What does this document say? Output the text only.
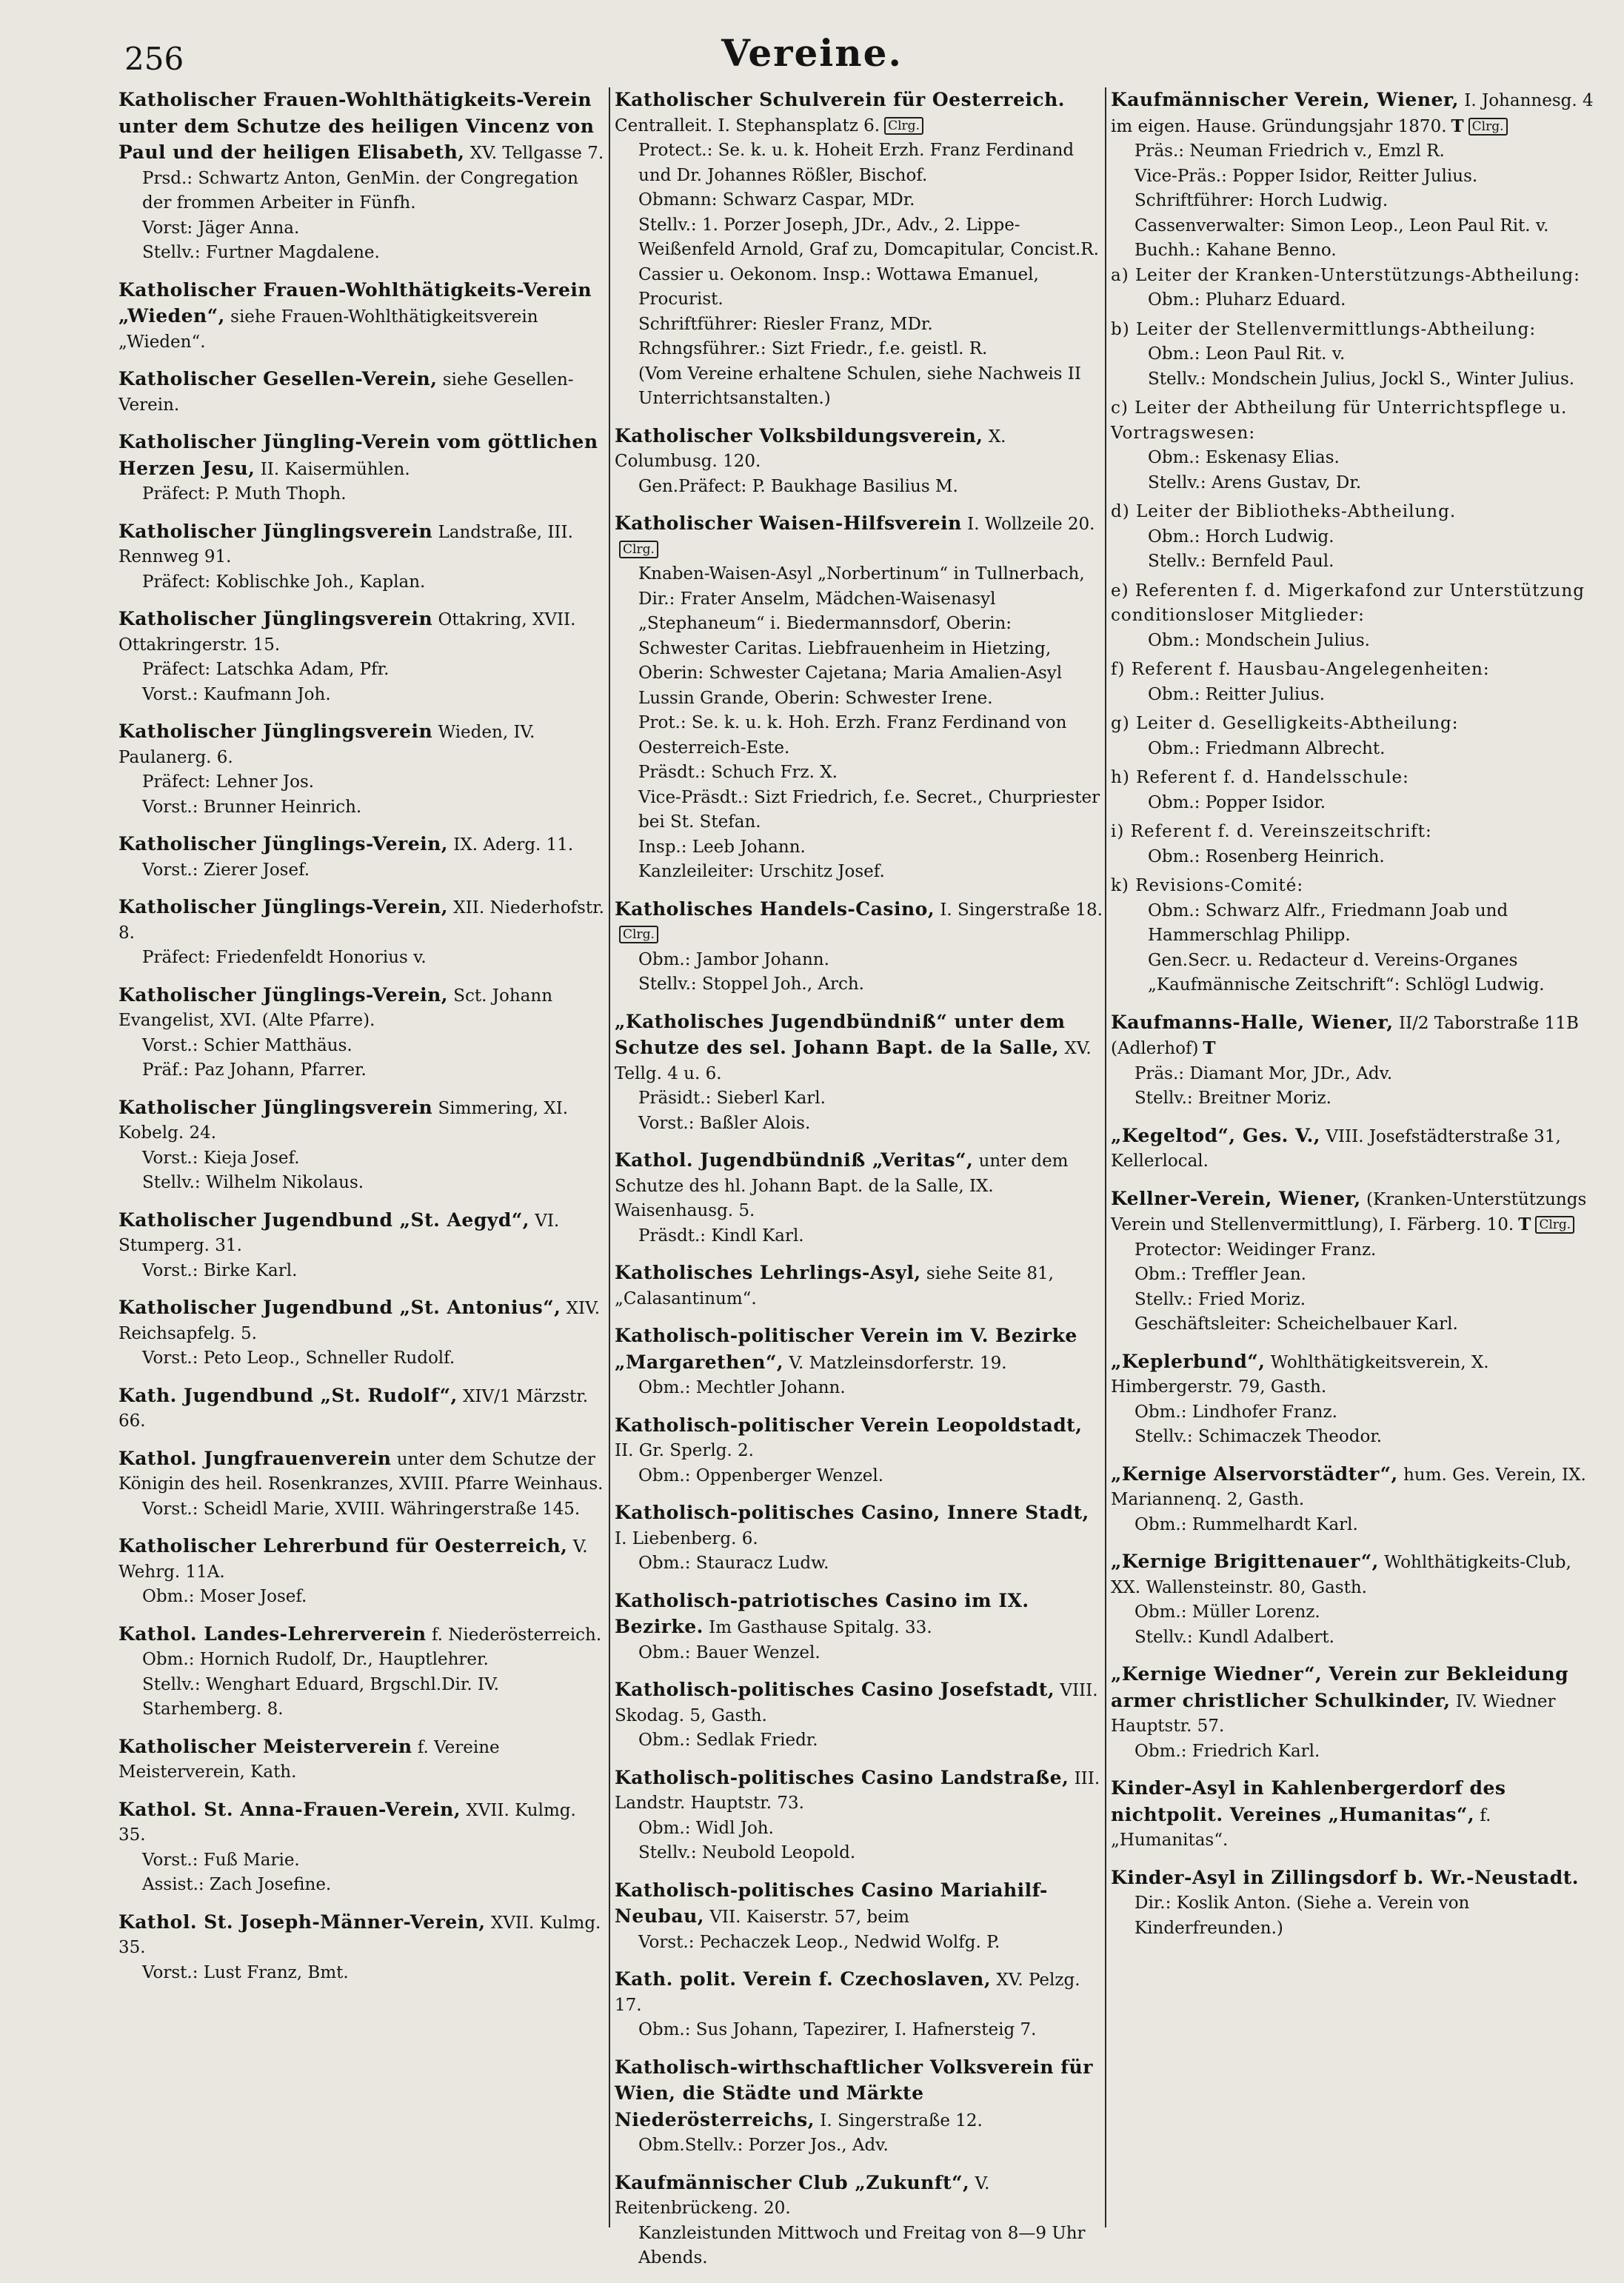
256	Vereine.
Katholischer Frauen-Wohlthätigkeits-Verein unter dem Schutze des heiligen Vincenz von Paul und der heiligen Elisabeth, XV. Tellgasse 7.
Prsd.: Schwartz Anton, GenMin. der Congregation der frommen Arbeiter in Fünfh.
Vorst: Jäger Anna.
Stellv.: Furtner Magdalene.
Katholischer Frauen-Wohlthätigkeits-Verein „Wieden“, siehe Frauen-Wohlthätigkeitsverein „Wieden“.
Katholischer Gesellen-Verein, siehe Gesellen-Verein.
Katholischer Jüngling-Verein vom göttlichen Herzen Jesu, II. Kaisermühlen.
Präfect: P. Muth Thoph.
Katholischer Jünglingsverein Landstraße, III. Rennweg 91.
Präfect: Koblischke Joh., Kaplan.
Katholischer Jünglingsverein Ottakring, XVII. Ottakringerstr. 15.
Präfect: Latschka Adam, Pfr.
Vorst.: Kaufmann Joh.
Katholischer Jünglingsverein Wieden, IV. Paulanerg. 6.
Präfect: Lehner Jos.
Vorst.: Brunner Heinrich.
Katholischer Jünglings-Verein, IX. Aderg. 11.
Vorst.: Zierer Josef.
Katholischer Jünglings-Verein, XII. Niederhofstr. 8.
Präfect: Friedenfeldt Honorius v.
Katholischer Jünglings-Verein, Sct. Johann Evangelist, XVI. (Alte Pfarre).
Vorst.: Schier Matthäus.
Präf.: Paz Johann, Pfarrer.
Katholischer Jünglingsverein Simmering, XI. Kobelg. 24.
Vorst.: Kieja Josef.
Stellv.: Wilhelm Nikolaus.
Katholischer Jugendbund „St. Aegyd“, VI. Stumperg. 31.
Vorst.: Birke Karl.
Katholischer Jugendbund „St. Antonius“, XIV. Reichsapfelg. 5.
Vorst.: Peto Leop., Schneller Rudolf.
Kath. Jugendbund „St. Rudolf“, XIV/1 Märzstr. 66.
Kathol. Jungfrauenverein unter dem Schutze der Königin des heil. Rosenkranzes, XVIII. Pfarre Weinhaus.
Vorst.: Scheidl Marie, XVIII. Währingerstraße 145.
Katholischer Lehrerbund für Oesterreich, V. Wehrg. 11A.
Obm.: Moser Josef.
Kathol. Landes-Lehrerverein f. Niederösterreich.
Obm.: Hornich Rudolf, Dr., Hauptlehrer.
Stellv.: Wenghart Eduard, Brgschl.Dir. IV. Starhemberg. 8.
Katholischer Meisterverein f. Vereine Meisterverein, Kath.
Kathol. St. Anna-Frauen-Verein, XVII. Kulmg. 35.
Vorst.: Fuß Marie.
Assist.: Zach Josefine.
Kathol. St. Joseph-Männer-Verein, XVII. Kulmg. 35.
Vorst.: Lust Franz, Bmt.
Katholischer Schulverein für Oesterreich. Centralleit. I. Stephansplatz 6. Clrg.
Protect.: Se. k. u. k. Hoheit Erzh. Franz Ferdinand und Dr. Johannes Rößler, Bischof.
Obmann: Schwarz Caspar, MDr.
Stellv.: 1. Porzer Joseph, JDr., Adv., 2. Lippe-Weißenfeld Arnold, Graf zu, Domcapitular, Concist.R.
Cassier u. Oekonom. Insp.: Wottawa Emanuel, Procurist.
Schriftführer: Riesler Franz, MDr.
Rchngsführer.: Sizt Friedr., f.e. geistl. R.
(Vom Vereine erhaltene Schulen, siehe Nachweis II Unterrichtsanstalten.)
Katholischer Volksbildungsverein, X. Columbusg. 120.
Gen.Präfect: P. Baukhage Basilius M.
Katholischer Waisen-Hilfsverein I. Wollzeile 20.Clrg.
Knaben-Waisen-Asyl „Norbertinum“ in Tullnerbach, Dir.: Frater Anselm, Mädchen-Waisenasyl „Stephaneum“ i. Biedermannsdorf, Oberin: Schwester Caritas. Liebfrauenheim in Hietzing, Oberin: Schwester Cajetana; Maria Amalien-Asyl Lussin Grande, Oberin: Schwester Irene.
Prot.: Se. k. u. k. Hoh. Erzh. Franz Ferdinand von Oesterreich-Este.
Präsdt.: Schuch Frz. X.
Vice-Präsdt.: Sizt Friedrich, f.e. Secret., Churpriester bei St. Stefan.
Insp.: Leeb Johann.
Kanzleileiter: Urschitz Josef.
Katholisches Handels-Casino, I. Singerstraße 18.Clrg.
Obm.: Jambor Johann.
Stellv.: Stoppel Joh., Arch.
„Katholisches Jugendbündniß“ unter dem Schutze des sel. Johann Bapt. de la Salle, XV. Tellg. 4 u. 6.
Präsidt.: Sieberl Karl.
Vorst.: Baßler Alois.
Kathol. Jugendbündniß „Veritas“, unter dem Schutze des hl. Johann Bapt. de la Salle, IX. Waisenhausg. 5.
Präsdt.: Kindl Karl.
Katholisches Lehrlings-Asyl, siehe Seite 81, „Calasantinum“.
Katholisch-politischer Verein im V. Bezirke „Margarethen“, V. Matzleinsdorferstr. 19.
Obm.: Mechtler Johann.
Katholisch-politischer Verein Leopoldstadt, II. Gr. Sperlg. 2.
Obm.: Oppenberger Wenzel.
Katholisch-politisches Casino, Innere Stadt, I. Liebenberg. 6.
Obm.: Stauracz Ludw.
Katholisch-patriotisches Casino im IX. Bezirke. Im Gasthause Spitalg. 33.
Obm.: Bauer Wenzel.
Katholisch-politisches Casino Josefstadt, VIII. Skodag. 5, Gasth.
Obm.: Sedlak Friedr.
Katholisch-politisches Casino Landstraße, III. Landstr. Hauptstr. 73.
Obm.: Widl Joh.
Stellv.: Neubold Leopold.
Katholisch-politisches Casino Mariahilf-Neubau, VII. Kaiserstr. 57, beim
Vorst.: Pechaczek Leop., Nedwid Wolfg. P.
Kath. polit. Verein f. Czechoslaven, XV. Pelzg. 17.
Obm.: Sus Johann, Tapezirer, I. Hafnersteig 7.
Katholisch-wirthschaftlicher Volksverein für Wien, die Städte und Märkte Niederösterreichs, I. Singerstraße 12.
Obm.Stellv.: Porzer Jos., Adv.
Kaufmännischer Club „Zukunft“, V. Reitenbrückeng. 20.
Kanzleistunden Mittwoch und Freitag von 8—9 Uhr Abends.
Kaufmännischer Verein, Wiener, I. Johannesg. 4 im eigen. Hause. Gründungsjahr 1870. T Clrg.
Präs.: Neuman Friedrich v., Emzl R.
Vice-Präs.: Popper Isidor, Reitter Julius.
Schriftführer: Horch Ludwig.
Cassenverwalter: Simon Leop., Leon Paul Rit. v.
Buchh.: Kahane Benno.
a) Leiter der Kranken-Unterstützungs-Abtheilung:
Obm.: Pluharz Eduard.
b) Leiter der Stellenvermittlungs-Abtheilung:
Obm.: Leon Paul Rit. v.
Stellv.: Mondschein Julius, Jockl S., Winter Julius.
c) Leiter der Abtheilung für Unterrichtspflege u. Vortragswesen:
Obm.: Eskenasy Elias.
Stellv.: Arens Gustav, Dr.
d) Leiter der Bibliotheks-Abtheilung.
Obm.: Horch Ludwig.
Stellv.: Bernfeld Paul.
e) Referenten f. d. Migerkafond zur Unterstützung conditionsloser Mitglieder:
Obm.: Mondschein Julius.
f) Referent f. Hausbau-Angelegenheiten:
Obm.: Reitter Julius.
g) Leiter d. Geselligkeits-Abtheilung:
Obm.: Friedmann Albrecht.
h) Referent f. d. Handelsschule:
Obm.: Popper Isidor.
i) Referent f. d. Vereinszeitschrift:
Obm.: Rosenberg Heinrich.
k) Revisions-Comité:
Obm.: Schwarz Alfr., Friedmann Joab und Hammerschlag Philipp.
Gen.Secr. u. Redacteur d. Vereins-Organes „Kaufmännische Zeitschrift“: Schlögl Ludwig.
Kaufmanns-Halle, Wiener, II/2 Taborstraße 11B (Adlerhof) T
Präs.: Diamant Mor, JDr., Adv.
Stellv.: Breitner Moriz.
„Kegeltod“, Ges. V., VIII. Josefstädterstraße 31, Kellerlocal.
Kellner-Verein, Wiener, (Kranken-Unterstützungs Verein und Stellenvermittlung), I. Färberg. 10. T Clrg.
Protector: Weidinger Franz.
Obm.: Treffler Jean.
Stellv.: Fried Moriz.
Geschäftsleiter: Scheichelbauer Karl.
„Keplerbund“, Wohlthätigkeitsverein, X. Himbergerstr. 79, Gasth.
Obm.: Lindhofer Franz.
Stellv.: Schimaczek Theodor.
„Kernige Alservorstädter“, hum. Ges. Verein, IX. Mariannenq. 2, Gasth.
Obm.: Rummelhardt Karl.
„Kernige Brigittenauer“, Wohlthätigkeits-Club, XX. Wallensteinstr. 80, Gasth.
Obm.: Müller Lorenz.
Stellv.: Kundl Adalbert.
„Kernige Wiedner“, Verein zur Bekleidung armer christlicher Schulkinder, IV. Wiedner Hauptstr. 57.
Obm.: Friedrich Karl.
Kinder-Asyl in Kahlenbergerdorf des nichtpolit. Vereines „Humanitas“, f. „Humanitas“.
Kinder-Asyl in Zillingsdorf b. Wr.-Neustadt.
Dir.: Koslik Anton. (Siehe a. Verein von Kinderfreunden.)
